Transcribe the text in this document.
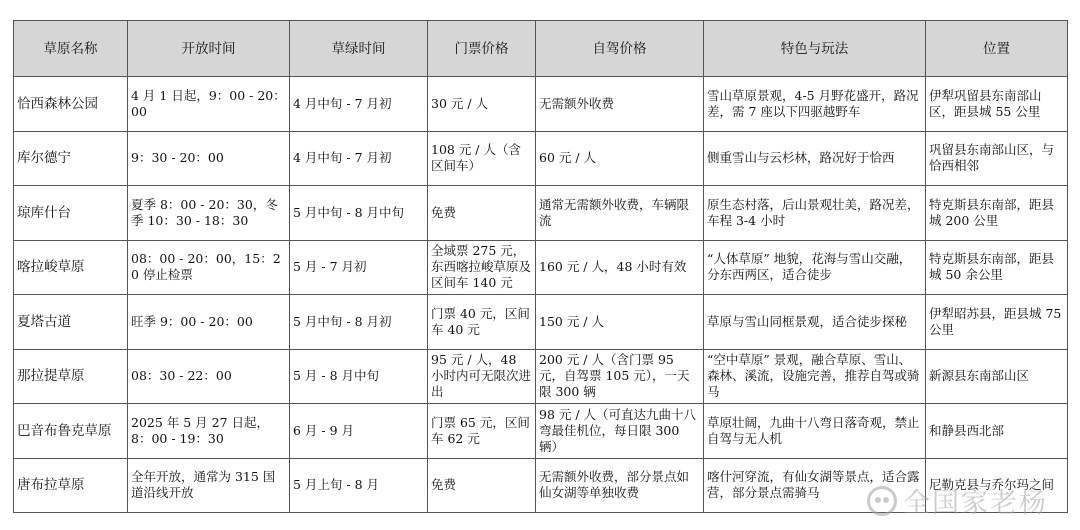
草原名称	开放时间	草绿时间	门票价格	自驾价格	特色与玩法	位置
恰西森林公园	4 月 1 日起，9：00 - 20：00	4 月中旬 - 7 月初	30 元 / 人	无需额外收费	雪山草原景观，4-5 月野花盛开，路况差，需 7 座以下四驱越野车	伊犁巩留县东南部山区，距县城 55 公里
库尔德宁	9：30 - 20：00	4 月中旬 - 7 月初	108 元 / 人（含区间车）	60 元 / 人	侧重雪山与云杉林，路况好于恰西	巩留县东南部山区，与恰西相邻
琼库什台	夏季 8：00 - 20：30，冬季 10：30 - 18：30	5 月中旬 - 8 月中旬	免费	通常无需额外收费，车辆限流	原生态村落，后山景观壮美，路况差，车程 3-4 小时	特克斯县东南部，距县城 200 公里
喀拉峻草原	08：00 - 20：00，15：20 停止检票	5 月 - 7 月初	全域票 275 元，东西喀拉峻草原及区间车 140 元	160 元 / 人，48 小时有效	“人体草原” 地貌，花海与雪山交融，分东西两区，适合徒步	特克斯县东南部，距县城 50 余公里
夏塔古道	旺季 9：00 - 20：00	5 月中旬 - 8 月初	门票 40 元，区间车 40 元	150 元 / 人	草原与雪山同框景观，适合徒步探秘	伊犁昭苏县，距县城 75 公里
那拉提草原	08：30 - 22：00	5 月 - 8 月中旬	95 元 / 人，48 小时内可无限次进出	200 元 / 人（含门票 95 元，自驾票 105 元），一天限 300 辆	“空中草原” 景观，融合草原、雪山、森林、溪流，设施完善，推荐自驾或骑马	新源县东南部山区
巴音布鲁克草原	2025 年 5 月 27 日起，8：00 - 19：30	6 月 - 9 月	门票 65 元，区间车 62 元	98 元 / 人（可直达九曲十八弯最佳机位，每日限 300 辆）	草原壮阔，九曲十八弯日落奇观，禁止自驾与无人机	和静县西北部
唐布拉草原	全年开放，通常为 315 国道沿线开放	5 月上旬 - 8 月	免费	无需额外收费，部分景点如仙女湖等单独收费	喀什河穿流，有仙女湖等景点，适合露营，部分景点需骑马	尼勒克县与乔尔玛之间
全国家老杨
